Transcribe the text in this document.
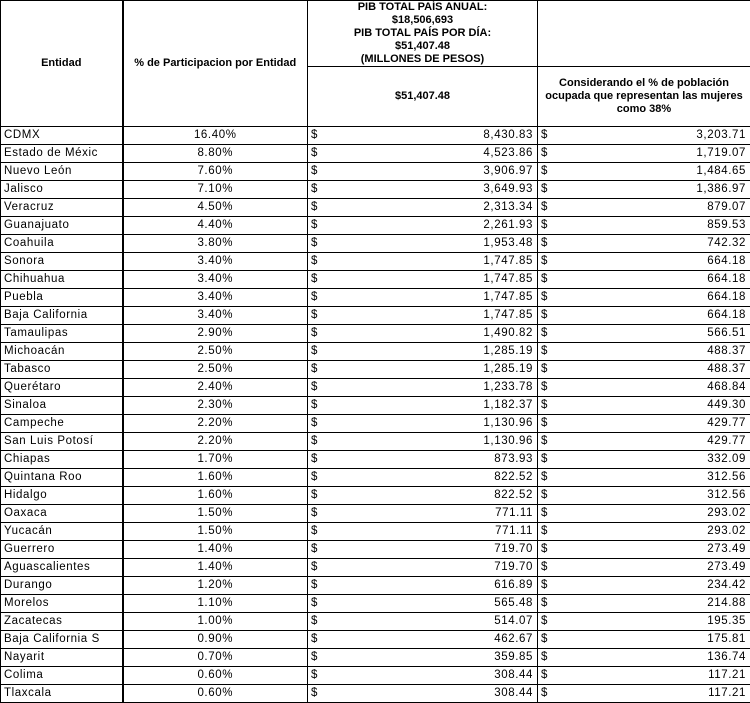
Entidad	% de Participacion por Entidad	PIB TOTAL PAÍS ANUAL:
$18,506,693
PIB TOTAL PAÍS POR DÍA:
$51,407.48
(MILLONES DE PESOS)			

		$51,407.48		Considerando el % de población ocupada que representan las mujeres como 38%	
CDMX	16.40%	$	8,430.83	$	3,203.71
Estado de Méxic	8.80%	$	4,523.86	$	1,719.07
Nuevo León	7.60%	$	3,906.97	$	1,484.65
Jalisco	7.10%	$	3,649.93	$	1,386.97
Veracruz	4.50%	$	2,313.34	$	879.07
Guanajuato	4.40%	$	2,261.93	$	859.53
Coahuila	3.80%	$	1,953.48	$	742.32
Sonora	3.40%	$	1,747.85	$	664.18
Chihuahua	3.40%	$	1,747.85	$	664.18
Puebla	3.40%	$	1,747.85	$	664.18
Baja California	3.40%	$	1,747.85	$	664.18
Tamaulipas	2.90%	$	1,490.82	$	566.51
Michoacán	2.50%	$	1,285.19	$	488.37
Tabasco	2.50%	$	1,285.19	$	488.37
Querétaro	2.40%	$	1,233.78	$	468.84
Sinaloa	2.30%	$	1,182.37	$	449.30
Campeche	2.20%	$	1,130.96	$	429.77
San Luis Potosí	2.20%	$	1,130.96	$	429.77
Chiapas	1.70%	$	873.93	$	332.09
Quintana Roo	1.60%	$	822.52	$	312.56
Hidalgo	1.60%	$	822.52	$	312.56
Oaxaca	1.50%	$	771.11	$	293.02
Yucacán	1.50%	$	771.11	$	293.02
Guerrero	1.40%	$	719.70	$	273.49
Aguascalientes	1.40%	$	719.70	$	273.49
Durango	1.20%	$	616.89	$	234.42
Morelos	1.10%	$	565.48	$	214.88
Zacatecas	1.00%	$	514.07	$	195.35
Baja California S	0.90%	$	462.67	$	175.81
Nayarit	0.70%	$	359.85	$	136.74
Colima	0.60%	$	308.44	$	117.21
Tlaxcala	0.60%	$	308.44	$	117.21
